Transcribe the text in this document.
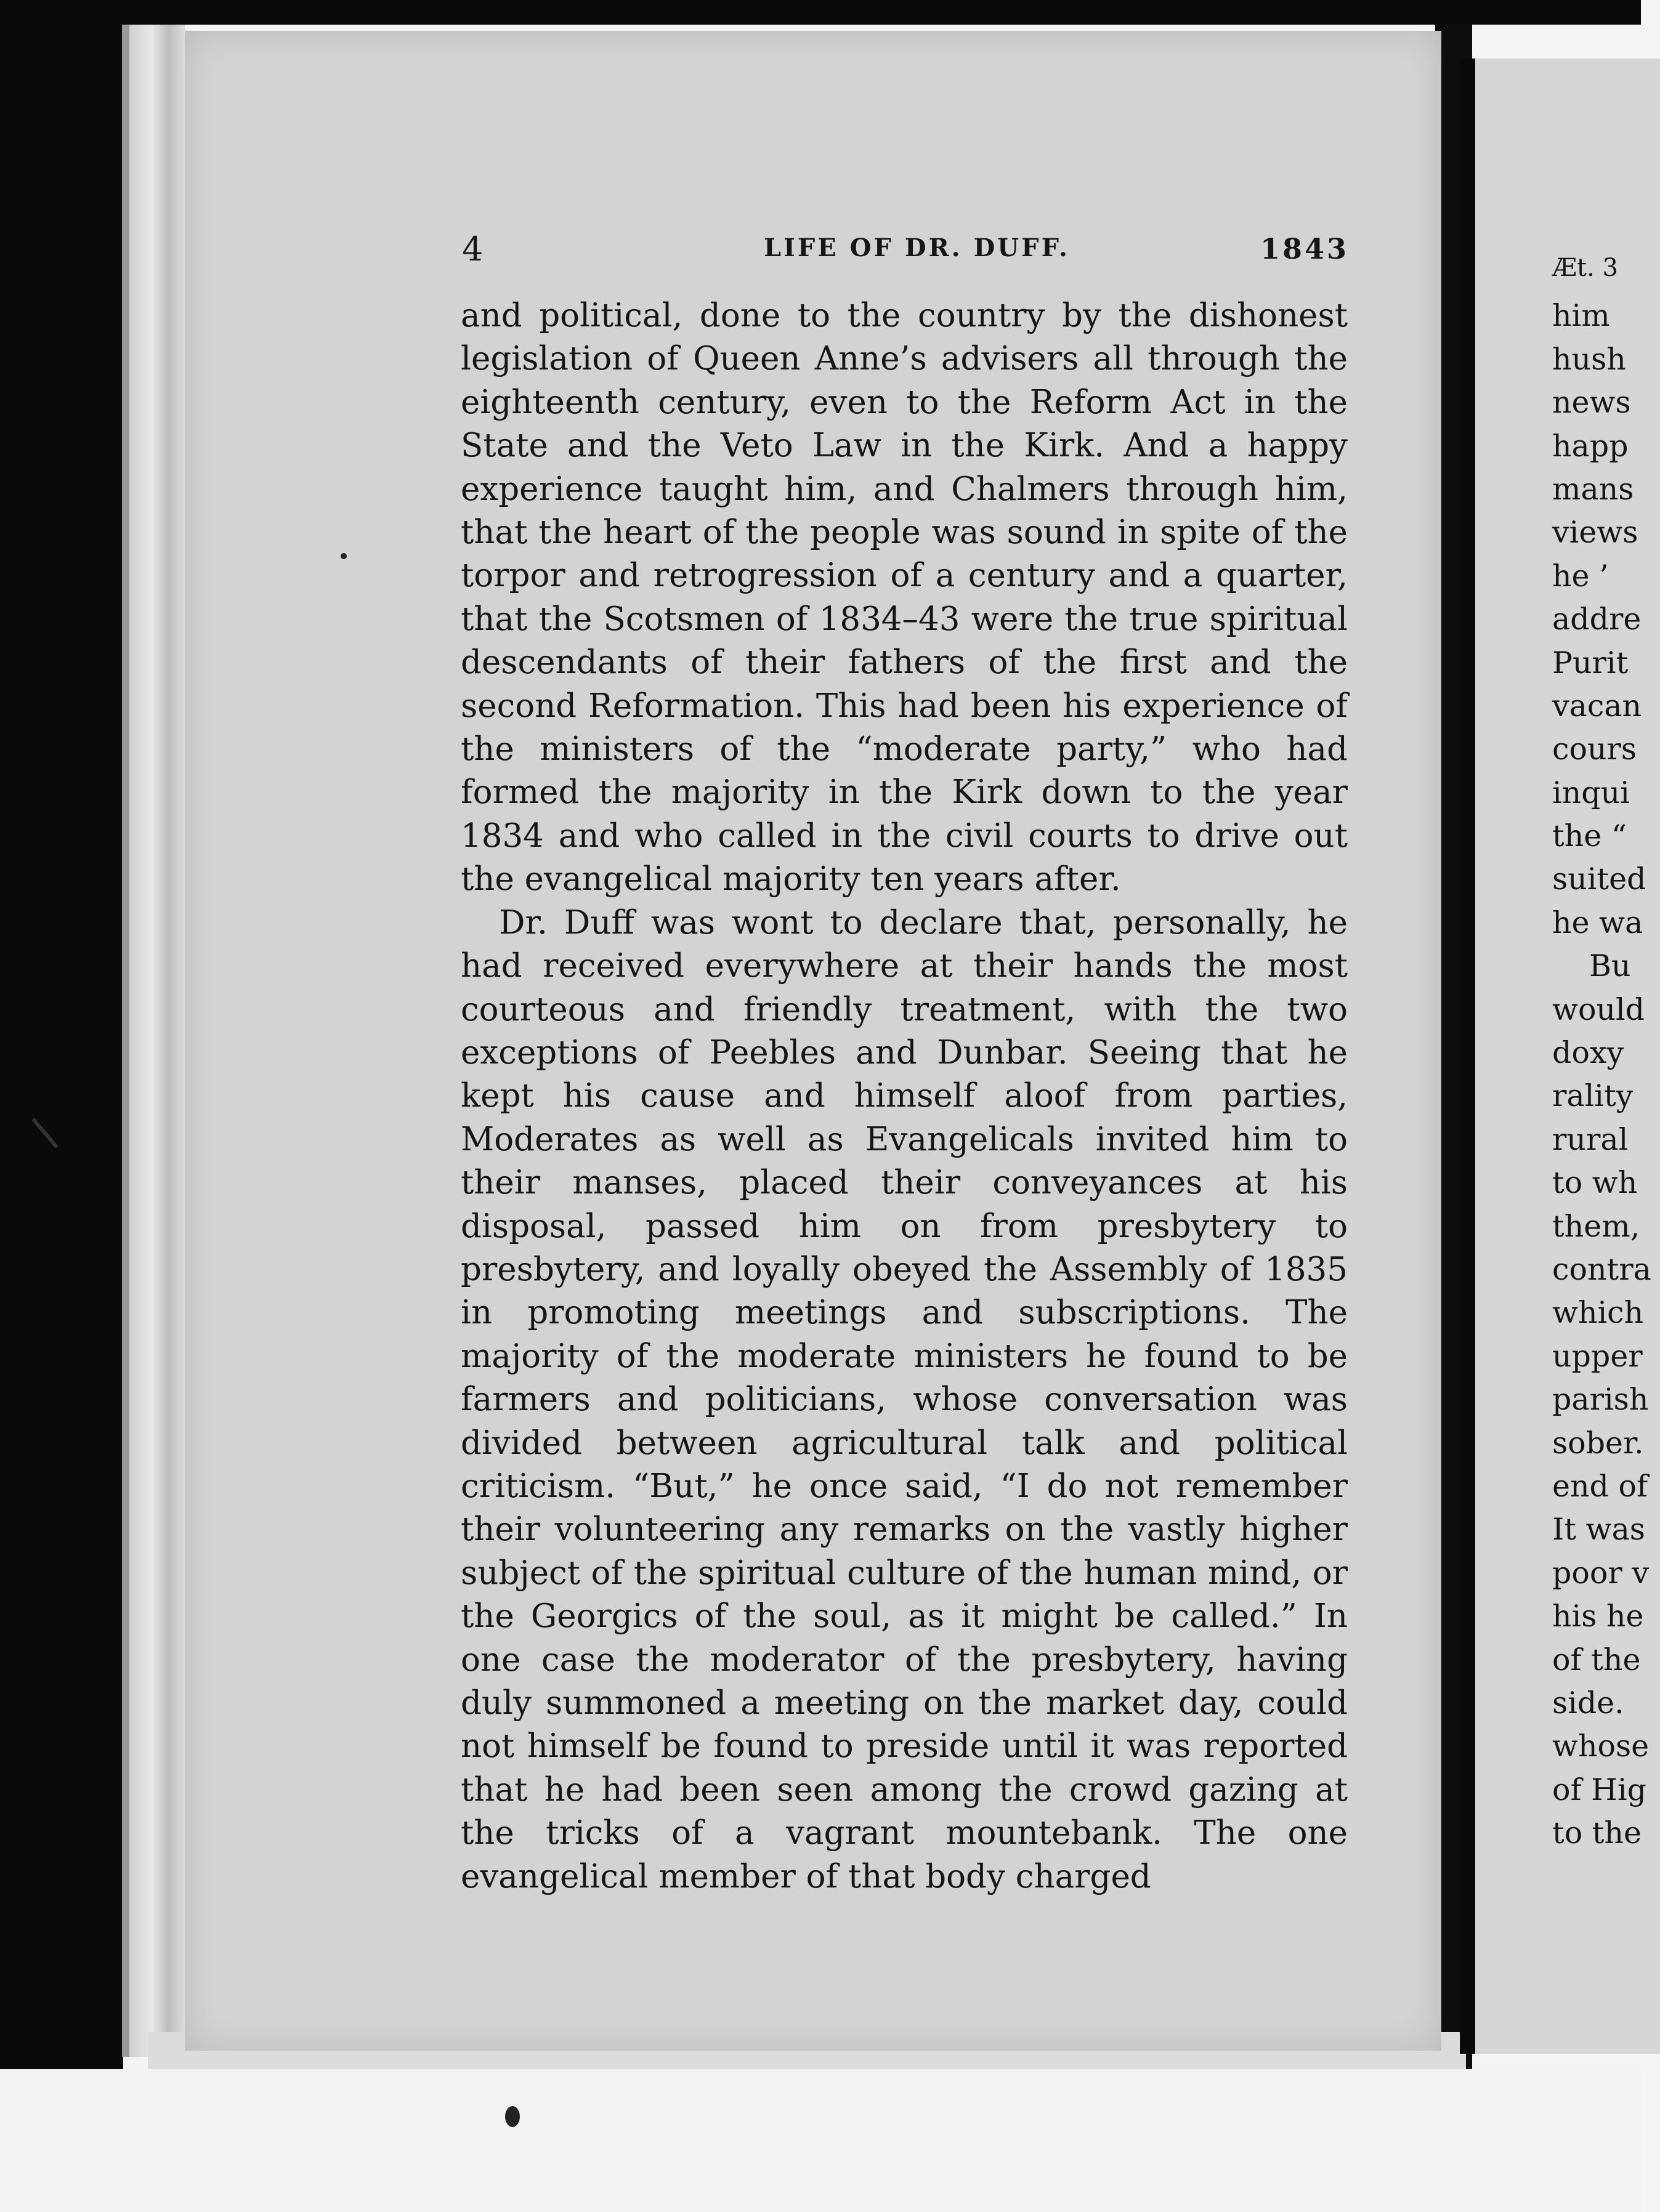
4	LIFE OF DR. DUFF.	1843

and political, done to the country by the dishonest legislation of Queen Anne’s advisers all through the eighteenth century, even to the Reform Act in the State and the Veto Law in the Kirk. And a happy experience taught him, and Chalmers through him, that the heart of the people was sound in spite of the torpor and retrogression of a century and a quarter, that the Scotsmen of 1834–43 were the true spiritual descendants of their fathers of the first and the second Reformation. This had been his experience of the ministers of the “moderate party,” who had formed the majority in the Kirk down to the year 1834 and who called in the civil courts to drive out the evangelical majority ten years after.

Dr. Duff was wont to declare that, personally, he had received everywhere at their hands the most courteous and friendly treatment, with the two exceptions of Peebles and Dunbar. Seeing that he kept his cause and himself aloof from parties, Moderates as well as Evangelicals invited him to their manses, placed their conveyances at his disposal, passed him on from presbytery to presbytery, and loyally obeyed the Assembly of 1835 in promoting meetings and subscriptions. The majority of the moderate ministers he found to be farmers and politicians, whose conversation was divided between agricultural talk and political criticism. “But,” he once said, “I do not remember their volunteering any remarks on the vastly higher subject of the spiritual culture of the human mind, or the Georgics of the soul, as it might be called.” In one case the moderator of the presbytery, having duly summoned a meeting on the market day, could not himself be found to preside until it was reported that he had been seen among the crowd gazing at the tricks of a vagrant mountebank. The one evangelical member of that body charged

Æt. 3
him
hush
news
happ
mans
views
he ’
addre
Purit
vacan
cours
inqui
the “
suited
he wa
Bu
would
doxy
rality
rural
to wh
them,
contra
which
upper
parish
sober.
end of
It was
poor v
his he
of the
side.
whose
of Hig
to the
